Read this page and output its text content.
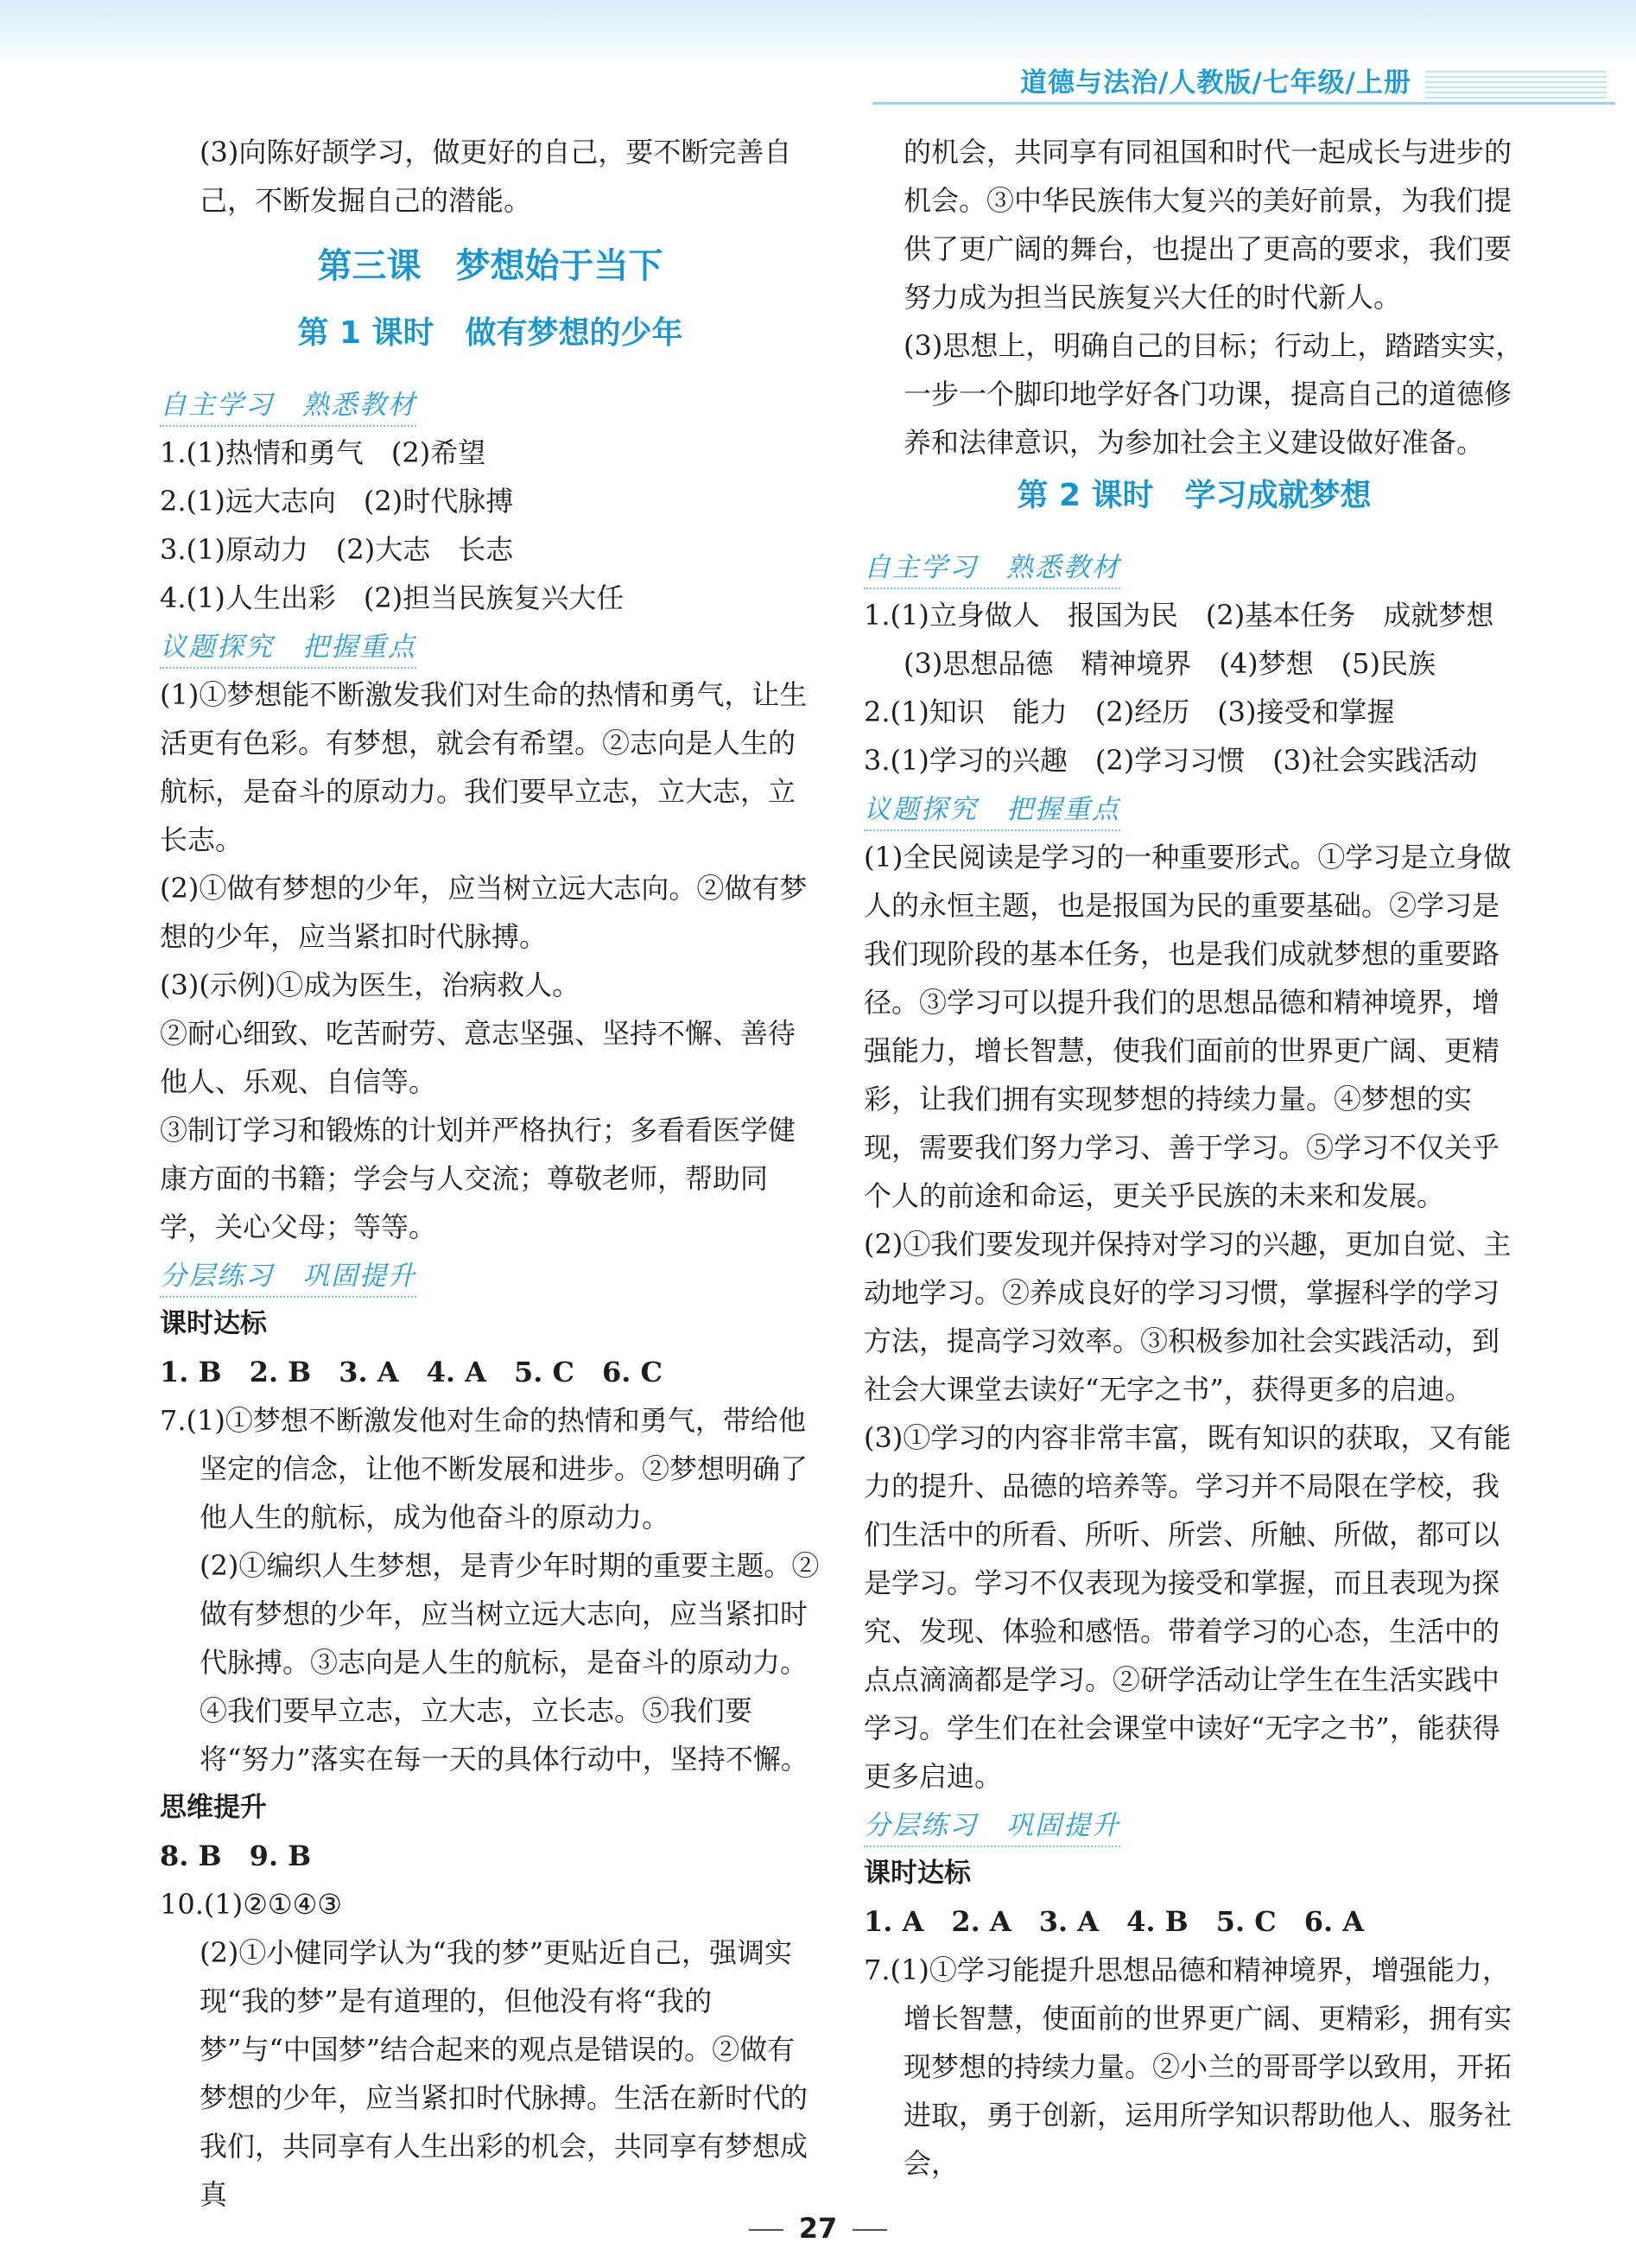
道德与法治/人教版/七年级/上册

(3)向陈好颉学习，做更好的自己，要不断完善自己，不断发掘自己的潜能。

第三课　梦想始于当下

第 1 课时　做有梦想的少年

自主学习　熟悉教材

1.(1)热情和勇气　(2)希望

2.(1)远大志向　(2)时代脉搏

3.(1)原动力　(2)大志　长志

4.(1)人生出彩　(2)担当民族复兴大任

议题探究　把握重点

(1)①梦想能不断激发我们对生命的热情和勇气，让生活更有色彩。有梦想，就会有希望。②志向是人生的航标，是奋斗的原动力。我们要早立志，立大志，立长志。

(2)①做有梦想的少年，应当树立远大志向。②做有梦想的少年，应当紧扣时代脉搏。

(3)(示例)①成为医生，治病救人。

②耐心细致、吃苦耐劳、意志坚强、坚持不懈、善待他人、乐观、自信等。

③制订学习和锻炼的计划并严格执行；多看看医学健康方面的书籍；学会与人交流；尊敬老师，帮助同学，关心父母；等等。

分层练习　巩固提升

课时达标

1. B　2. B　3. A　4. A　5. C　6. C

7.(1)①梦想不断激发他对生命的热情和勇气，带给他坚定的信念，让他不断发展和进步。②梦想明确了他人生的航标，成为他奋斗的原动力。

(2)①编织人生梦想，是青少年时期的重要主题。②做有梦想的少年，应当树立远大志向，应当紧扣时代脉搏。③志向是人生的航标，是奋斗的原动力。④我们要早立志，立大志，立长志。⑤我们要将“努力”落实在每一天的具体行动中，坚持不懈。

思维提升

8. B　9. B

10.(1)②①④③

(2)①小健同学认为“我的梦”更贴近自己，强调实现“我的梦”是有道理的，但他没有将“我的梦”与“中国梦”结合起来的观点是错误的。②做有梦想的少年，应当紧扣时代脉搏。生活在新时代的我们，共同享有人生出彩的机会，共同享有梦想成真

的机会，共同享有同祖国和时代一起成长与进步的机会。③中华民族伟大复兴的美好前景，为我们提供了更广阔的舞台，也提出了更高的要求，我们要努力成为担当民族复兴大任的时代新人。

(3)思想上，明确自己的目标；行动上，踏踏实实，一步一个脚印地学好各门功课，提高自己的道德修养和法律意识，为参加社会主义建设做好准备。

第 2 课时　学习成就梦想

自主学习　熟悉教材

1.(1)立身做人　报国为民　(2)基本任务　成就梦想　(3)思想品德　精神境界　(4)梦想　(5)民族

2.(1)知识　能力　(2)经历　(3)接受和掌握

3.(1)学习的兴趣　(2)学习习惯　(3)社会实践活动

议题探究　把握重点

(1)全民阅读是学习的一种重要形式。①学习是立身做人的永恒主题，也是报国为民的重要基础。②学习是我们现阶段的基本任务，也是我们成就梦想的重要路径。③学习可以提升我们的思想品德和精神境界，增强能力，增长智慧，使我们面前的世界更广阔、更精彩，让我们拥有实现梦想的持续力量。④梦想的实现，需要我们努力学习、善于学习。⑤学习不仅关乎个人的前途和命运，更关乎民族的未来和发展。

(2)①我们要发现并保持对学习的兴趣，更加自觉、主动地学习。②养成良好的学习习惯，掌握科学的学习方法，提高学习效率。③积极参加社会实践活动，到社会大课堂去读好“无字之书”，获得更多的启迪。

(3)①学习的内容非常丰富，既有知识的获取，又有能力的提升、品德的培养等。学习并不局限在学校，我们生活中的所看、所听、所尝、所触、所做，都可以是学习。学习不仅表现为接受和掌握，而且表现为探究、发现、体验和感悟。带着学习的心态，生活中的点点滴滴都是学习。②研学活动让学生在生活实践中学习。学生们在社会课堂中读好“无字之书”，能获得更多启迪。

分层练习　巩固提升

课时达标

1. A　2. A　3. A　4. B　5. C　6. A

7.(1)①学习能提升思想品德和精神境界，增强能力，增长智慧，使面前的世界更广阔、更精彩，拥有实现梦想的持续力量。②小兰的哥哥学以致用，开拓进取，勇于创新，运用所学知识帮助他人、服务社会，

27
